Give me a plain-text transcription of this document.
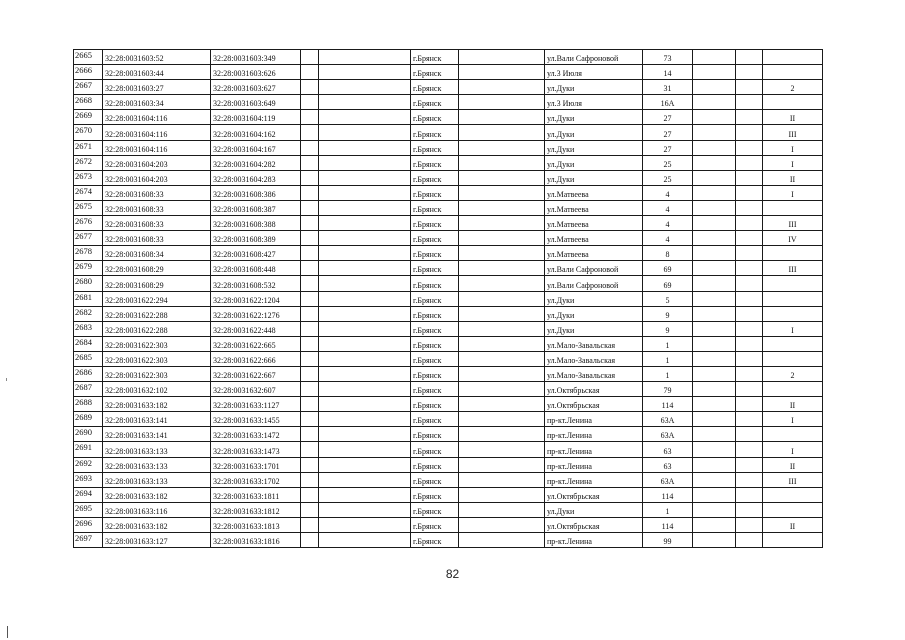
2665	32:28:0031603:52	32:28:0031603:349			г.Брянск		ул.Вали Сафроновой	73			
2666	32:28:0031603:44	32:28:0031603:626			г.Брянск		ул.3 Июля	14			
2667	32:28:0031603:27	32:28:0031603:627			г.Брянск		ул.Дуки	31			2
2668	32:28:0031603:34	32:28:0031603:649			г.Брянск		ул.3 Июля	16А			
2669	32:28:0031604:116	32:28:0031604:119			г.Брянск		ул.Дуки	27			II
2670	32:28:0031604:116	32:28:0031604:162			г.Брянск		ул.Дуки	27			III
2671	32:28:0031604:116	32:28:0031604:167			г.Брянск		ул.Дуки	27			I
2672	32:28:0031604:203	32:28:0031604:282			г.Брянск		ул.Дуки	25			I
2673	32:28:0031604:203	32:28:0031604:283			г.Брянск		ул.Дуки	25			II
2674	32:28:0031608:33	32:28:0031608:386			г.Брянск		ул.Матвеева	4			I
2675	32:28:0031608:33	32:28:0031608:387			г.Брянск		ул.Матвеева	4			
2676	32:28:0031608:33	32:28:0031608:388			г.Брянск		ул.Матвеева	4			III
2677	32:28:0031608:33	32:28:0031608:389			г.Брянск		ул.Матвеева	4			IV
2678	32:28:0031608:34	32:28:0031608:427			г.Брянск		ул.Матвеева	8			
2679	32:28:0031608:29	32:28:0031608:448			г.Брянск		ул.Вали Сафроновой	69			III
2680	32:28:0031608:29	32:28:0031608:532			г.Брянск		ул.Вали Сафроновой	69			
2681	32:28:0031622:294	32:28:0031622:1204			г.Брянск		ул.Дуки	5			
2682	32:28:0031622:288	32:28:0031622:1276			г.Брянск		ул.Дуки	9			
2683	32:28:0031622:288	32:28:0031622:448			г.Брянск		ул.Дуки	9			I
2684	32:28:0031622:303	32:28:0031622:665			г.Брянск		ул.Мало-Завальская	1			
2685	32:28:0031622:303	32:28:0031622:666			г.Брянск		ул.Мало-Завальская	1			
2686	32:28:0031622:303	32:28:0031622:667			г.Брянск		ул.Мало-Завальская	1			2
2687	32:28:0031632:102	32:28:0031632:607			г.Брянск		ул.Октябрьская	79			
2688	32:28:0031633:182	32:28:0031633:1127			г.Брянск		ул.Октябрьская	114			II
2689	32:28:0031633:141	32:28:0031633:1455			г.Брянск		пр-кт.Ленина	63А			I
2690	32:28:0031633:141	32:28:0031633:1472			г.Брянск		пр-кт.Ленина	63А			
2691	32:28:0031633:133	32:28:0031633:1473			г.Брянск		пр-кт.Ленина	63			I
2692	32:28:0031633:133	32:28:0031633:1701			г.Брянск		пр-кт.Ленина	63			II
2693	32:28:0031633:133	32:28:0031633:1702			г.Брянск		пр-кт.Ленина	63А			III
2694	32:28:0031633:182	32:28:0031633:1811			г.Брянск		ул.Октябрьская	114			
2695	32:28:0031633:116	32:28:0031633:1812			г.Брянск		ул.Дуки	1			
2696	32:28:0031633:182	32:28:0031633:1813			г.Брянск		ул.Октябрьская	114			II
2697	32:28:0031633:127	32:28:0031633:1816			г.Брянск		пр-кт.Ленина	99			
82
